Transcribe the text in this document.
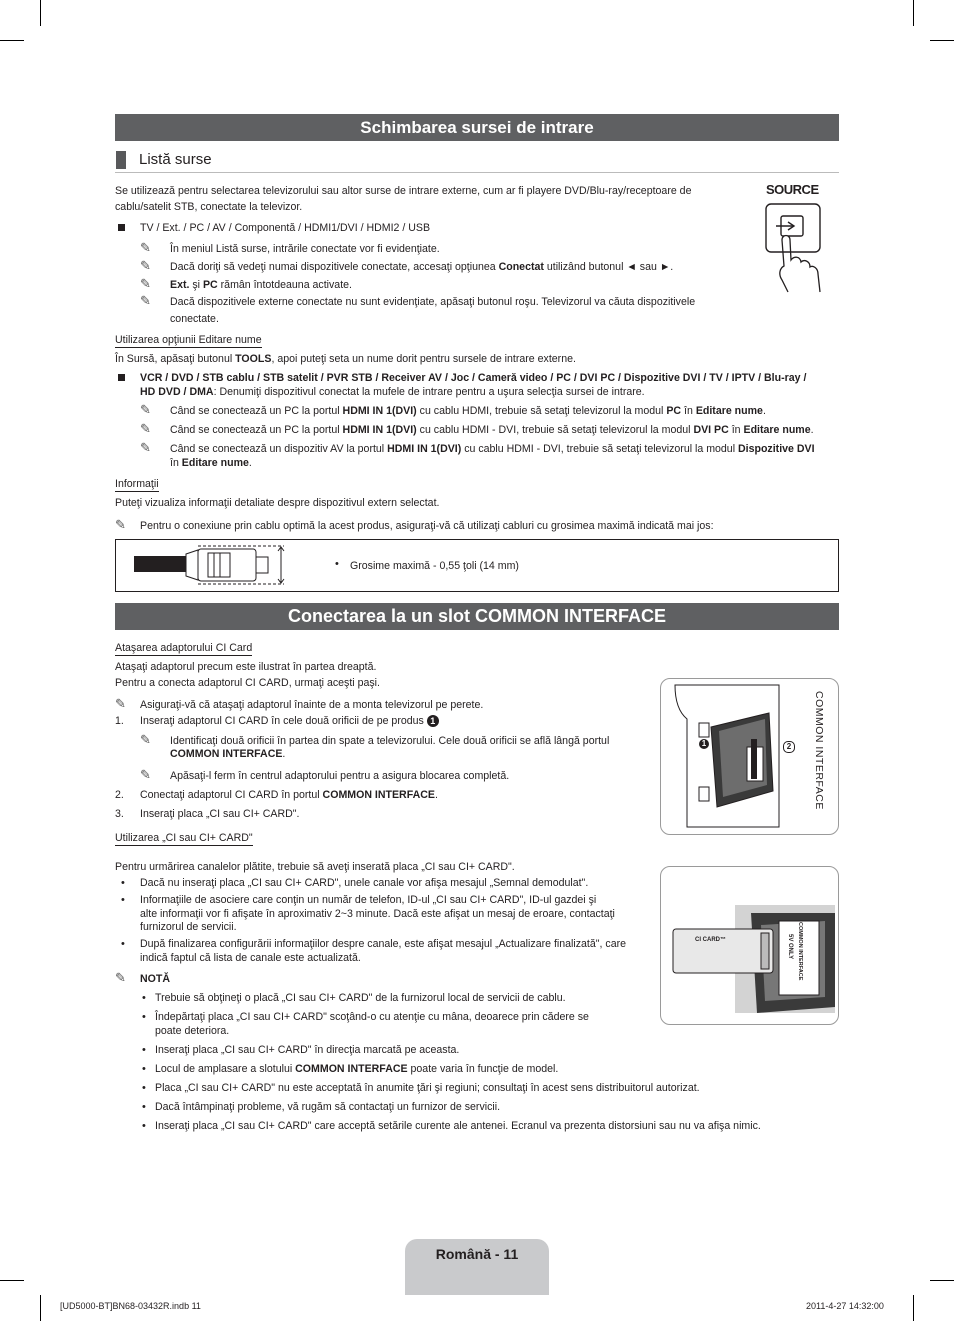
Schimbarea sursei de intrare
Listă surse
Se utilizează pentru selectarea televizorului sau altor surse de intrare externe, cum ar fi playere DVD/Blu-ray/receptoare de
cablu/satelit STB, conectate la televizor.
SOURCE
TV / Ext. / PC / AV / Componentă / HDMI1/DVI / HDMI2 / USB
✎ În meniul Listă surse, intrările conectate vor fi evidenţiate.
✎ Dacă doriţi să vedeţi numai dispozitivele conectate, accesaţi opţiunea Conectat utilizând butonul ◄ sau ►.
✎ Ext. şi PC rămân întotdeauna activate.
✎ Dacă dispozitivele externe conectate nu sunt evidenţiate, apăsaţi butonul roşu. Televizorul va căuta dispozitivele
conectate.
Utilizarea opţiunii Editare nume
În Sursă, apăsaţi butonul TOOLS, apoi puteţi seta un nume dorit pentru sursele de intrare externe.
VCR / DVD / STB cablu / STB satelit / PVR STB / Receiver AV / Joc / Cameră video / PC / DVI PC / Dispozitive DVI / TV / IPTV / Blu-ray /
HD DVD / DMA: Denumiţi dispozitivul conectat la mufele de intrare pentru a uşura selecţia sursei de intrare.
✎ Când se conectează un PC la portul HDMI IN 1(DVI) cu cablu HDMI, trebuie să setaţi televizorul la modul PC în Editare nume.
✎ Când se conectează un PC la portul HDMI IN 1(DVI) cu cablu HDMI - DVI, trebuie să setaţi televizorul la modul DVI PC în Editare nume.
✎ Când se conectează un dispozitiv AV la portul HDMI IN 1(DVI) cu cablu HDMI - DVI, trebuie să setaţi televizorul la modul Dispozitive DVI
în Editare nume.
Informaţii
Puteţi vizualiza informaţii detaliate despre dispozitivul extern selectat.
✎ Pentru o conexiune prin cablu optimă la acest produs, asiguraţi-vă că utilizaţi cabluri cu grosimea maximă indicată mai jos:
• Grosime maximă - 0,55 ţoli (14 mm)
Conectarea la un slot COMMON INTERFACE
Ataşarea adaptorului CI Card
Ataşaţi adaptorul precum este ilustrat în partea dreaptă.
Pentru a conecta adaptorul CI CARD, urmaţi aceşti paşi.
✎ Asiguraţi-vă că ataşaţi adaptorul înainte de a monta televizorul pe perete.
1. Inseraţi adaptorul CI CARD în cele două orificii de pe produs 1
✎ Identificaţi două orificii în partea din spate a televizorului. Cele două orificii se află lângă portul
COMMON INTERFACE.
✎ Apăsaţi-l ferm în centrul adaptorului pentru a asigura blocarea completă.
2. Conectaţi adaptorul CI CARD în portul COMMON INTERFACE.
3. Inseraţi placa „CI sau CI+ CARD".
Utilizarea „CI sau CI+ CARD"
Pentru urmărirea canalelor plătite, trebuie să aveţi inserată placa „CI sau CI+ CARD".
• Dacă nu inseraţi placa „CI sau CI+ CARD", unele canale vor afişa mesajul „Semnal demodulat".
• Informaţiile de asociere care conţin un număr de telefon, ID-ul „CI sau CI+ CARD", ID-ul gazdei şi
alte informaţii vor fi afişate în aproximativ 2~3 minute. Dacă este afişat un mesaj de eroare, contactaţi
furnizorul de servicii.
• După finalizarea configurării informaţiilor despre canale, este afişat mesajul „Actualizare finalizată", care
indică faptul că lista de canale este actualizată.
✎ NOTĂ
• Trebuie să obţineţi o placă „CI sau CI+ CARD" de la furnizorul local de servicii de cablu.
• Îndepărtaţi placa „CI sau CI+ CARD" scoţând-o cu atenţie cu mâna, deoarece prin cădere se
poate deteriora.
• Inseraţi placa „CI sau CI+ CARD" în direcţia marcată pe aceasta.
• Locul de amplasare a slotului COMMON INTERFACE poate varia în funcţie de model.
• Placa „CI sau CI+ CARD" nu este acceptată în anumite ţări şi regiuni; consultaţi în acest sens distribuitorul autorizat.
• Dacă întâmpinaţi probleme, vă rugăm să contactaţi un furnizor de servicii.
• Inseraţi placa „CI sau CI+ CARD" care acceptă setările curente ale antenei. Ecranul va prezenta distorsiuni sau nu va afişa nimic.
1	2	COMMON INTERFACE
CI CARD™	COMMON INTERFACE
5V ONLY
Română - 11
[UD5000-BT]BN68-03432R.indb 11	2011-4-27 14:32:00
